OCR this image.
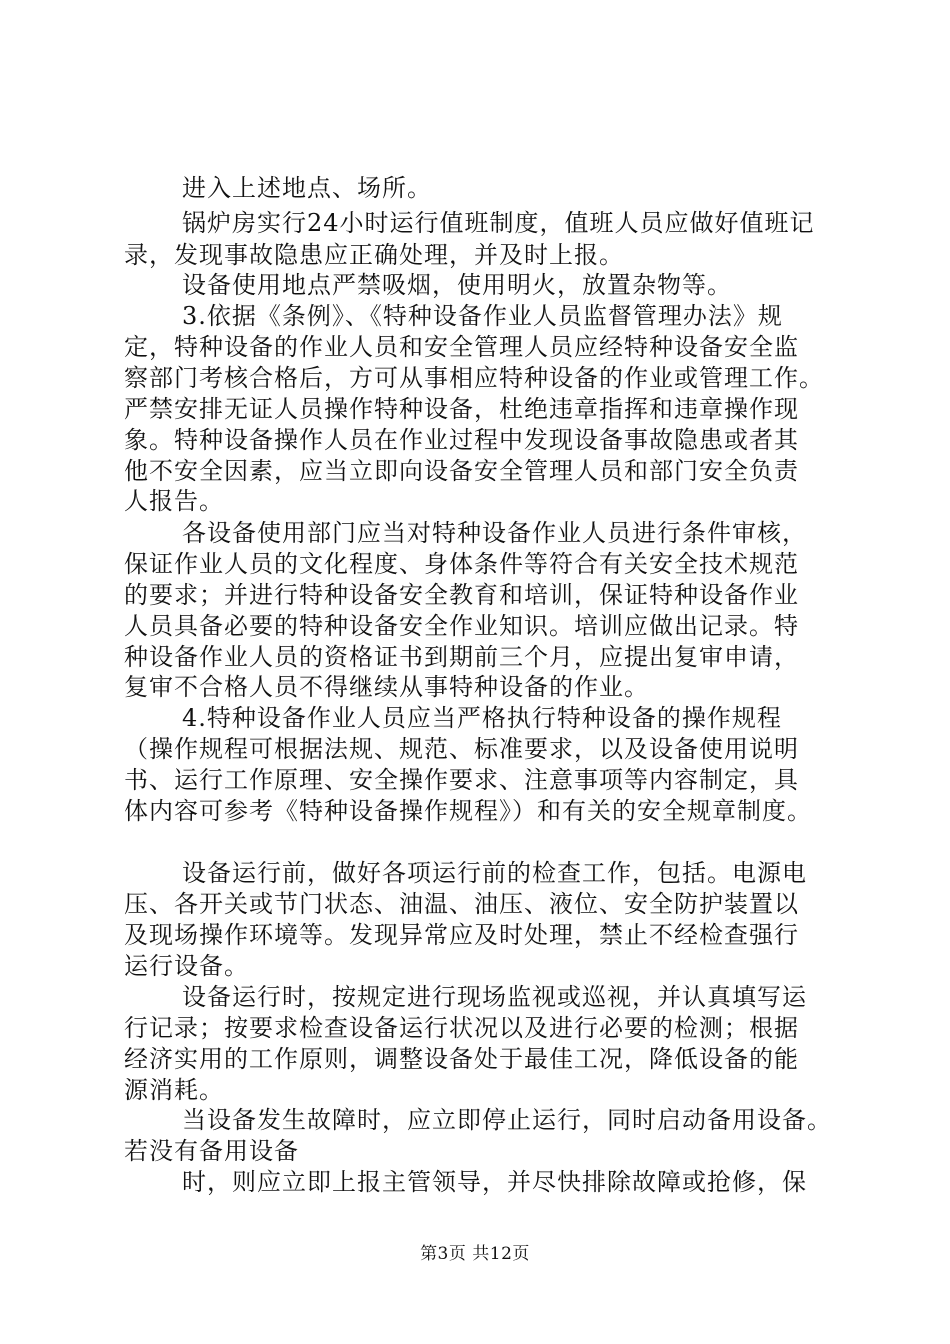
进入上述地点、场所。
锅炉房实行24小时运行值班制度，值班人员应做好值班记
录，发现事故隐患应正确处理，并及时上报。
设备使用地点严禁吸烟，使用明火，放置杂物等。
3.依据《条例》、《特种设备作业人员监督管理办法》规
定，特种设备的作业人员和安全管理人员应经特种设备安全监
察部门考核合格后，方可从事相应特种设备的作业或管理工作。
严禁安排无证人员操作特种设备，杜绝违章指挥和违章操作现
象。特种设备操作人员在作业过程中发现设备事故隐患或者其
他不安全因素，应当立即向设备安全管理人员和部门安全负责
人报告。
各设备使用部门应当对特种设备作业人员进行条件审核，
保证作业人员的文化程度、身体条件等符合有关安全技术规范
的要求；并进行特种设备安全教育和培训，保证特种设备作业
人员具备必要的特种设备安全作业知识。培训应做出记录。特
种设备作业人员的资格证书到期前三个月，应提出复审申请，
复审不合格人员不得继续从事特种设备的作业。
4.特种设备作业人员应当严格执行特种设备的操作规程
（操作规程可根据法规、规范、标准要求，以及设备使用说明
书、运行工作原理、安全操作要求、注意事项等内容制定，具
体内容可参考《特种设备操作规程》）和有关的安全规章制度。
设备运行前，做好各项运行前的检查工作，包括。电源电
压、各开关或节门状态、油温、油压、液位、安全防护装置以
及现场操作环境等。发现异常应及时处理，禁止不经检查强行
运行设备。
设备运行时，按规定进行现场监视或巡视，并认真填写运
行记录；按要求检查设备运行状况以及进行必要的检测；根据
经济实用的工作原则，调整设备处于最佳工况，降低设备的能
源消耗。
当设备发生故障时，应立即停止运行，同时启动备用设备。
若没有备用设备
时，则应立即上报主管领导，并尽快排除故障或抢修，保
第3页 共12页
